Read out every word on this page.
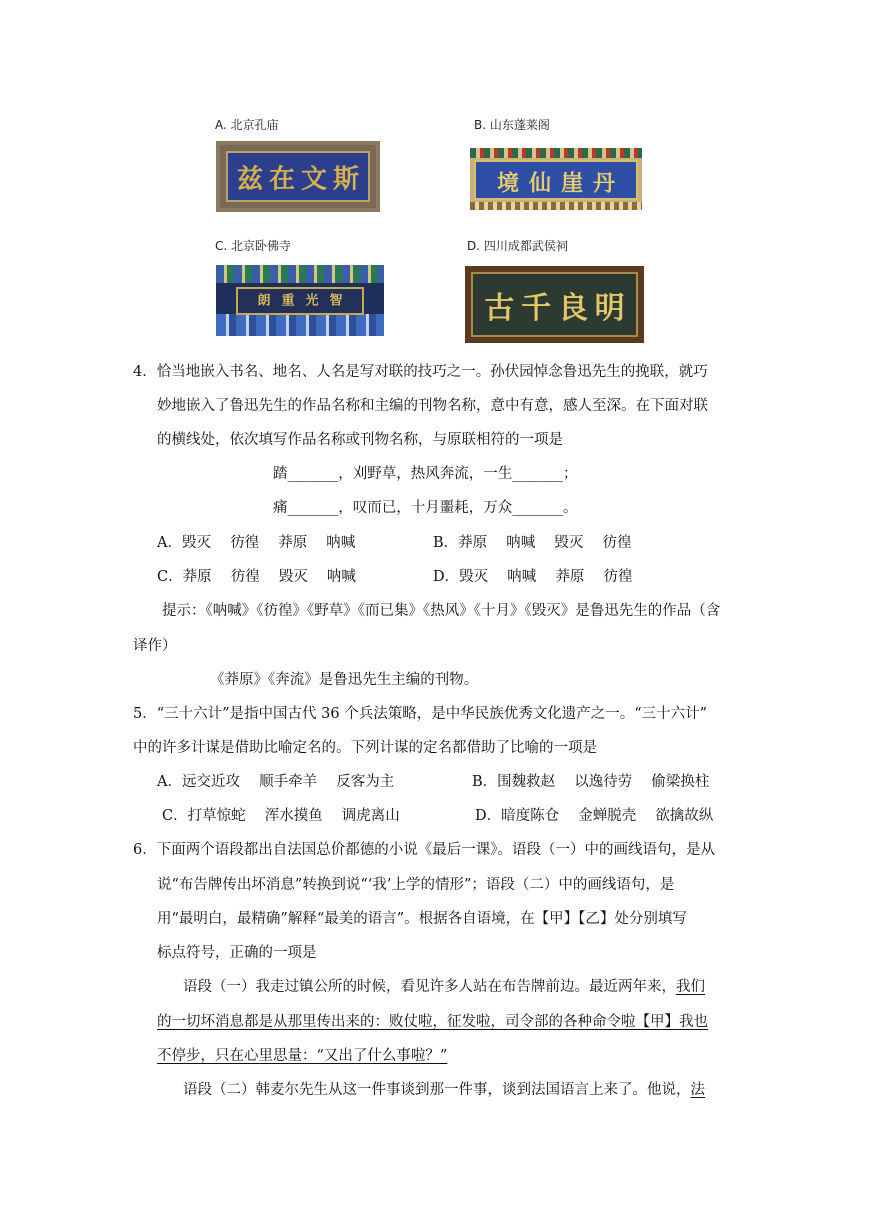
A. 北京孔庙
斯
文
在
兹
B. 山东蓬莱阁
丹
崖
仙
境
C. 北京卧佛寺
智
光
重
朗
D. 四川成都武侯祠
明
良
千
古
4．恰当地嵌入书名、地名、人名是写对联的技巧之一。孙伏园悼念鲁迅先生的挽联，就巧
妙地嵌入了鲁迅先生的作品名称和主编的刊物名称，意中有意，感人至深。在下面对联
的横线处，依次填写作品名称或刊物名称，与原联相符的一项是
踏_______，刈野草，热风奔流，一生_______；
痛_______，叹而已，十月噩耗，万众_______。
A．毁灭　 彷徨　 莽原　 呐喊	B．莽原　 呐喊　 毁灭　 彷徨
C．莽原　 彷徨　 毁灭　 呐喊	D．毁灭　 呐喊　 莽原　 彷徨
提示：《呐喊》《彷徨》《野草》《而已集》《热风》《十月》《毁灭》是鲁迅先生的作品（含
译作）
《莽原》《奔流》是鲁迅先生主编的刊物。
5．“三十六计”是指中国古代 36 个兵法策略，是中华民族优秀文化遗产之一。“三十六计”
中的许多计谋是借助比喻定名的。下列计谋的定名都借助了比喻的一项是
A．远交近攻　 顺手牵羊　 反客为主	B．围魏救赵　 以逸待劳　 偷梁换柱
C．打草惊蛇　 浑水摸鱼　 调虎离山	D．暗度陈仓　 金蝉脱壳　 欲擒故纵
6．下面两个语段都出自法国总价都德的小说《最后一课》。语段（一）中的画线语句，是从
说“布告牌传出坏消息”转换到说“‘我’上学的情形”；语段（二）中的画线语句，是
用“最明白，最精确”解释“最美的语言”。根据各自语境，在【甲】【乙】处分别填写
标点符号，正确的一项是
语段（一）我走过镇公所的时候，看见许多人站在布告牌前边。最近两年来，我们
的一切坏消息都是从那里传出来的：败仗啦，征发啦，司令部的各种命令啦【甲】我也
不停步，只在心里思量：“又出了什么事啦？”
语段（二）韩麦尔先生从这一件事谈到那一件事，谈到法国语言上来了。他说，法
